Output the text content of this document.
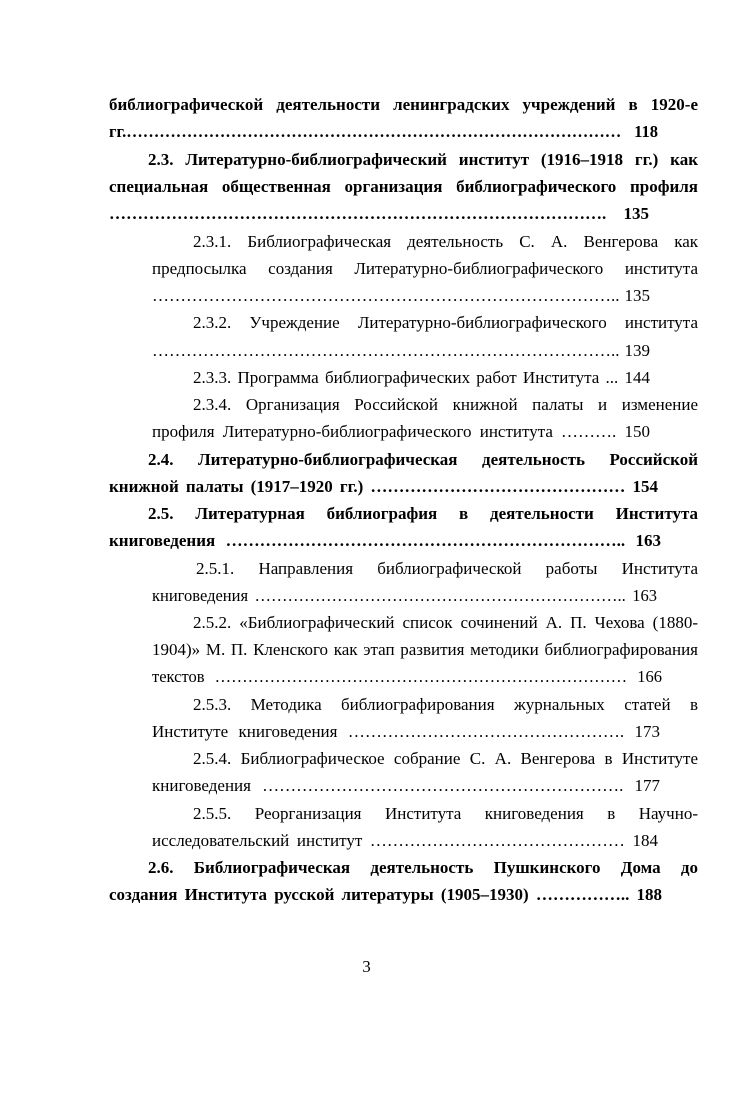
библиографической деятельности ленинградских учреждений в 1920-е
гг.……………………………………………………………………………… 118
2.3. Литературно-библиографический институт (1916–1918 гг.) как
специальная общественная организация библиографического профиля
……………………………………………………………………………. 135
2.3.1. Библиографическая деятельность С. А. Венгерова как
предпосылка создания Литературно-библиографического института
……………………………………………………………………….. 135
2.3.2. Учреждение Литературно-библиографического института
……………………………………………………………………….. 139
2.3.3. Программа библиографических работ Института ... 144
2.3.4. Организация Российской книжной палаты и изменение
профиля Литературно-библиографического института ………. 150
2.4. Литературно-библиографическая деятельность Российской
книжной палаты (1917–1920 гг.) ……………………………………… 154
2.5. Литературная библиография в деятельности Института
книговедения …………………………………………………………….. 163
2.5.1. Направления библиографической работы Института
книговедения ………………………………………………………….. 163
2.5.2. «Библиографический список сочинений А. П. Чехова (1880-
1904)» М. П. Кленского как этап развития методики библиографирования
текстов ………………………………………………………………… 166
2.5.3. Методика библиографирования журнальных статей в
Институте книговедения …………………………………………. 173
2.5.4. Библиографическое собрание С. А. Венгерова в Институте
книговедения ………………………………………………………. 177
2.5.5. Реорганизация Института книговедения в Научно-
исследовательский институт ……………………………………… 184
2.6. Библиографическая деятельность Пушкинского Дома до
создания Института русской литературы (1905–1930) …………….. 188
3
